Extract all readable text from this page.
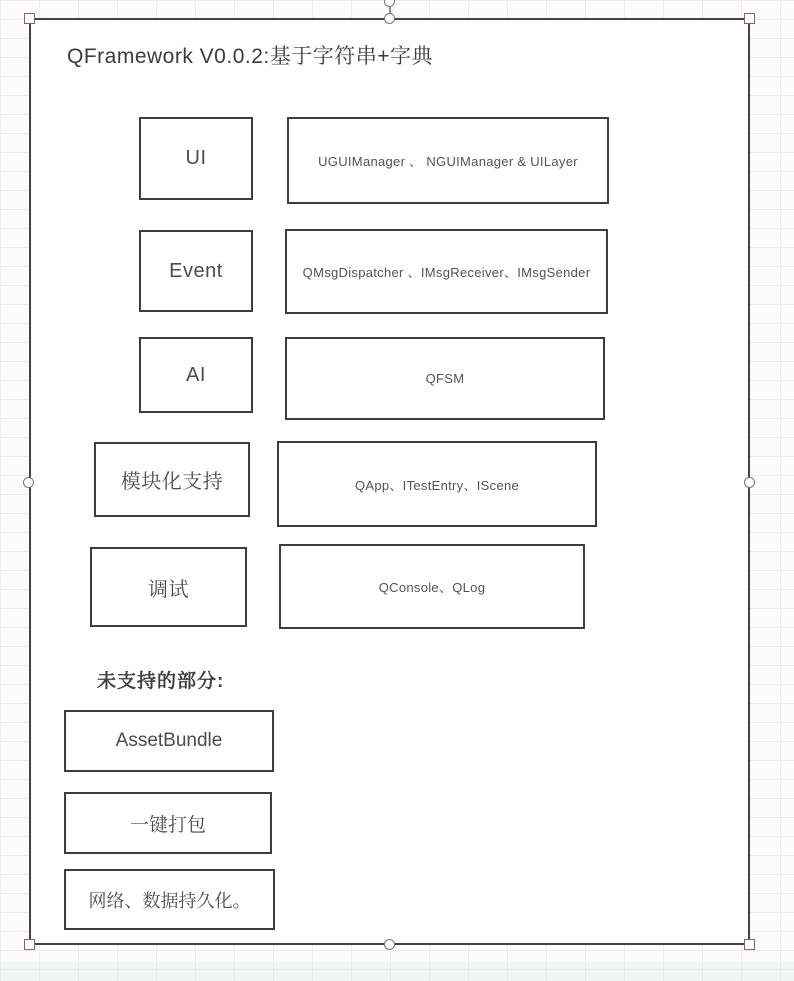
QFramework V0.0.2:基于字符串+字典
UI	UGUIManager 、 NGUIManager & UILayer
Event	QMsgDispatcher 、IMsgReceiver、IMsgSender
AI	QFSM
模块化支持	QApp、ITestEntry、IScene
调试	QConsole、QLog
未支持的部分:
AssetBundle
一键打包
网络、数据持久化。
